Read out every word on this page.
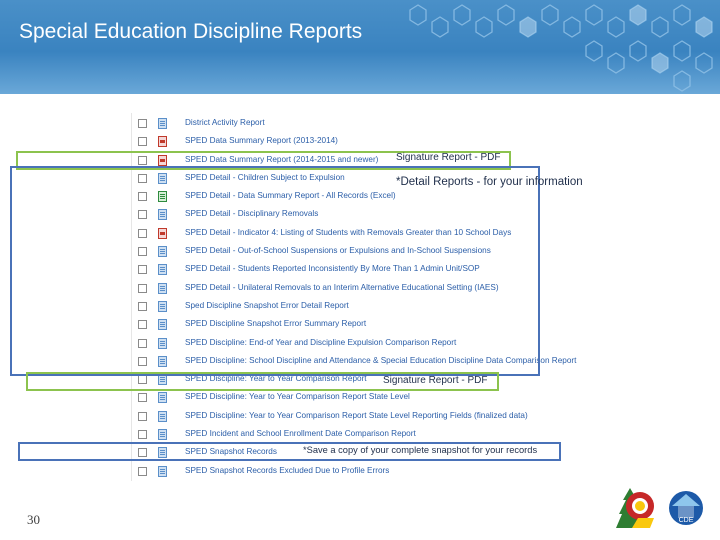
Special Education Discipline Reports
District Activity Report
SPED Data Summary Report (2013-2014)
SPED Data Summary Report (2014-2015 and newer)
SPED Detail - Children Subject to Expulsion
SPED Detail - Data Summary Report - All Records (Excel)
SPED Detail - Disciplinary Removals
SPED Detail - Indicator 4: Listing of Students with Removals Greater than 10 School Days
SPED Detail - Out-of-School Suspensions or Expulsions and In-School Suspensions
SPED Detail - Students Reported Inconsistently By More Than 1 Admin Unit/SOP
SPED Detail - Unilateral Removals to an Interim Alternative Educational Setting (IAES)
Sped Discipline Snapshot Error Detail Report
SPED Discipline Snapshot Error Summary Report
SPED Discipline: End-of Year and Discipline Expulsion Comparison Report
SPED Discipline: School Discipline and Attendance & Special Education Discipline Data Comparison Report
SPED Discipline: Year to Year Comparison Report
SPED Discipline: Year to Year Comparison Report State Level
SPED Discipline: Year to Year Comparison Report State Level Reporting Fields (finalized data)
SPED Incident and School Enrollment Date Comparison Report
SPED Snapshot Records
SPED Snapshot Records Excluded Due to Profile Errors
Signature Report - PDF
*Detail Reports - for your information
Signature Report - PDF
*Save a copy of your complete snapshot for your records
30	CDE
